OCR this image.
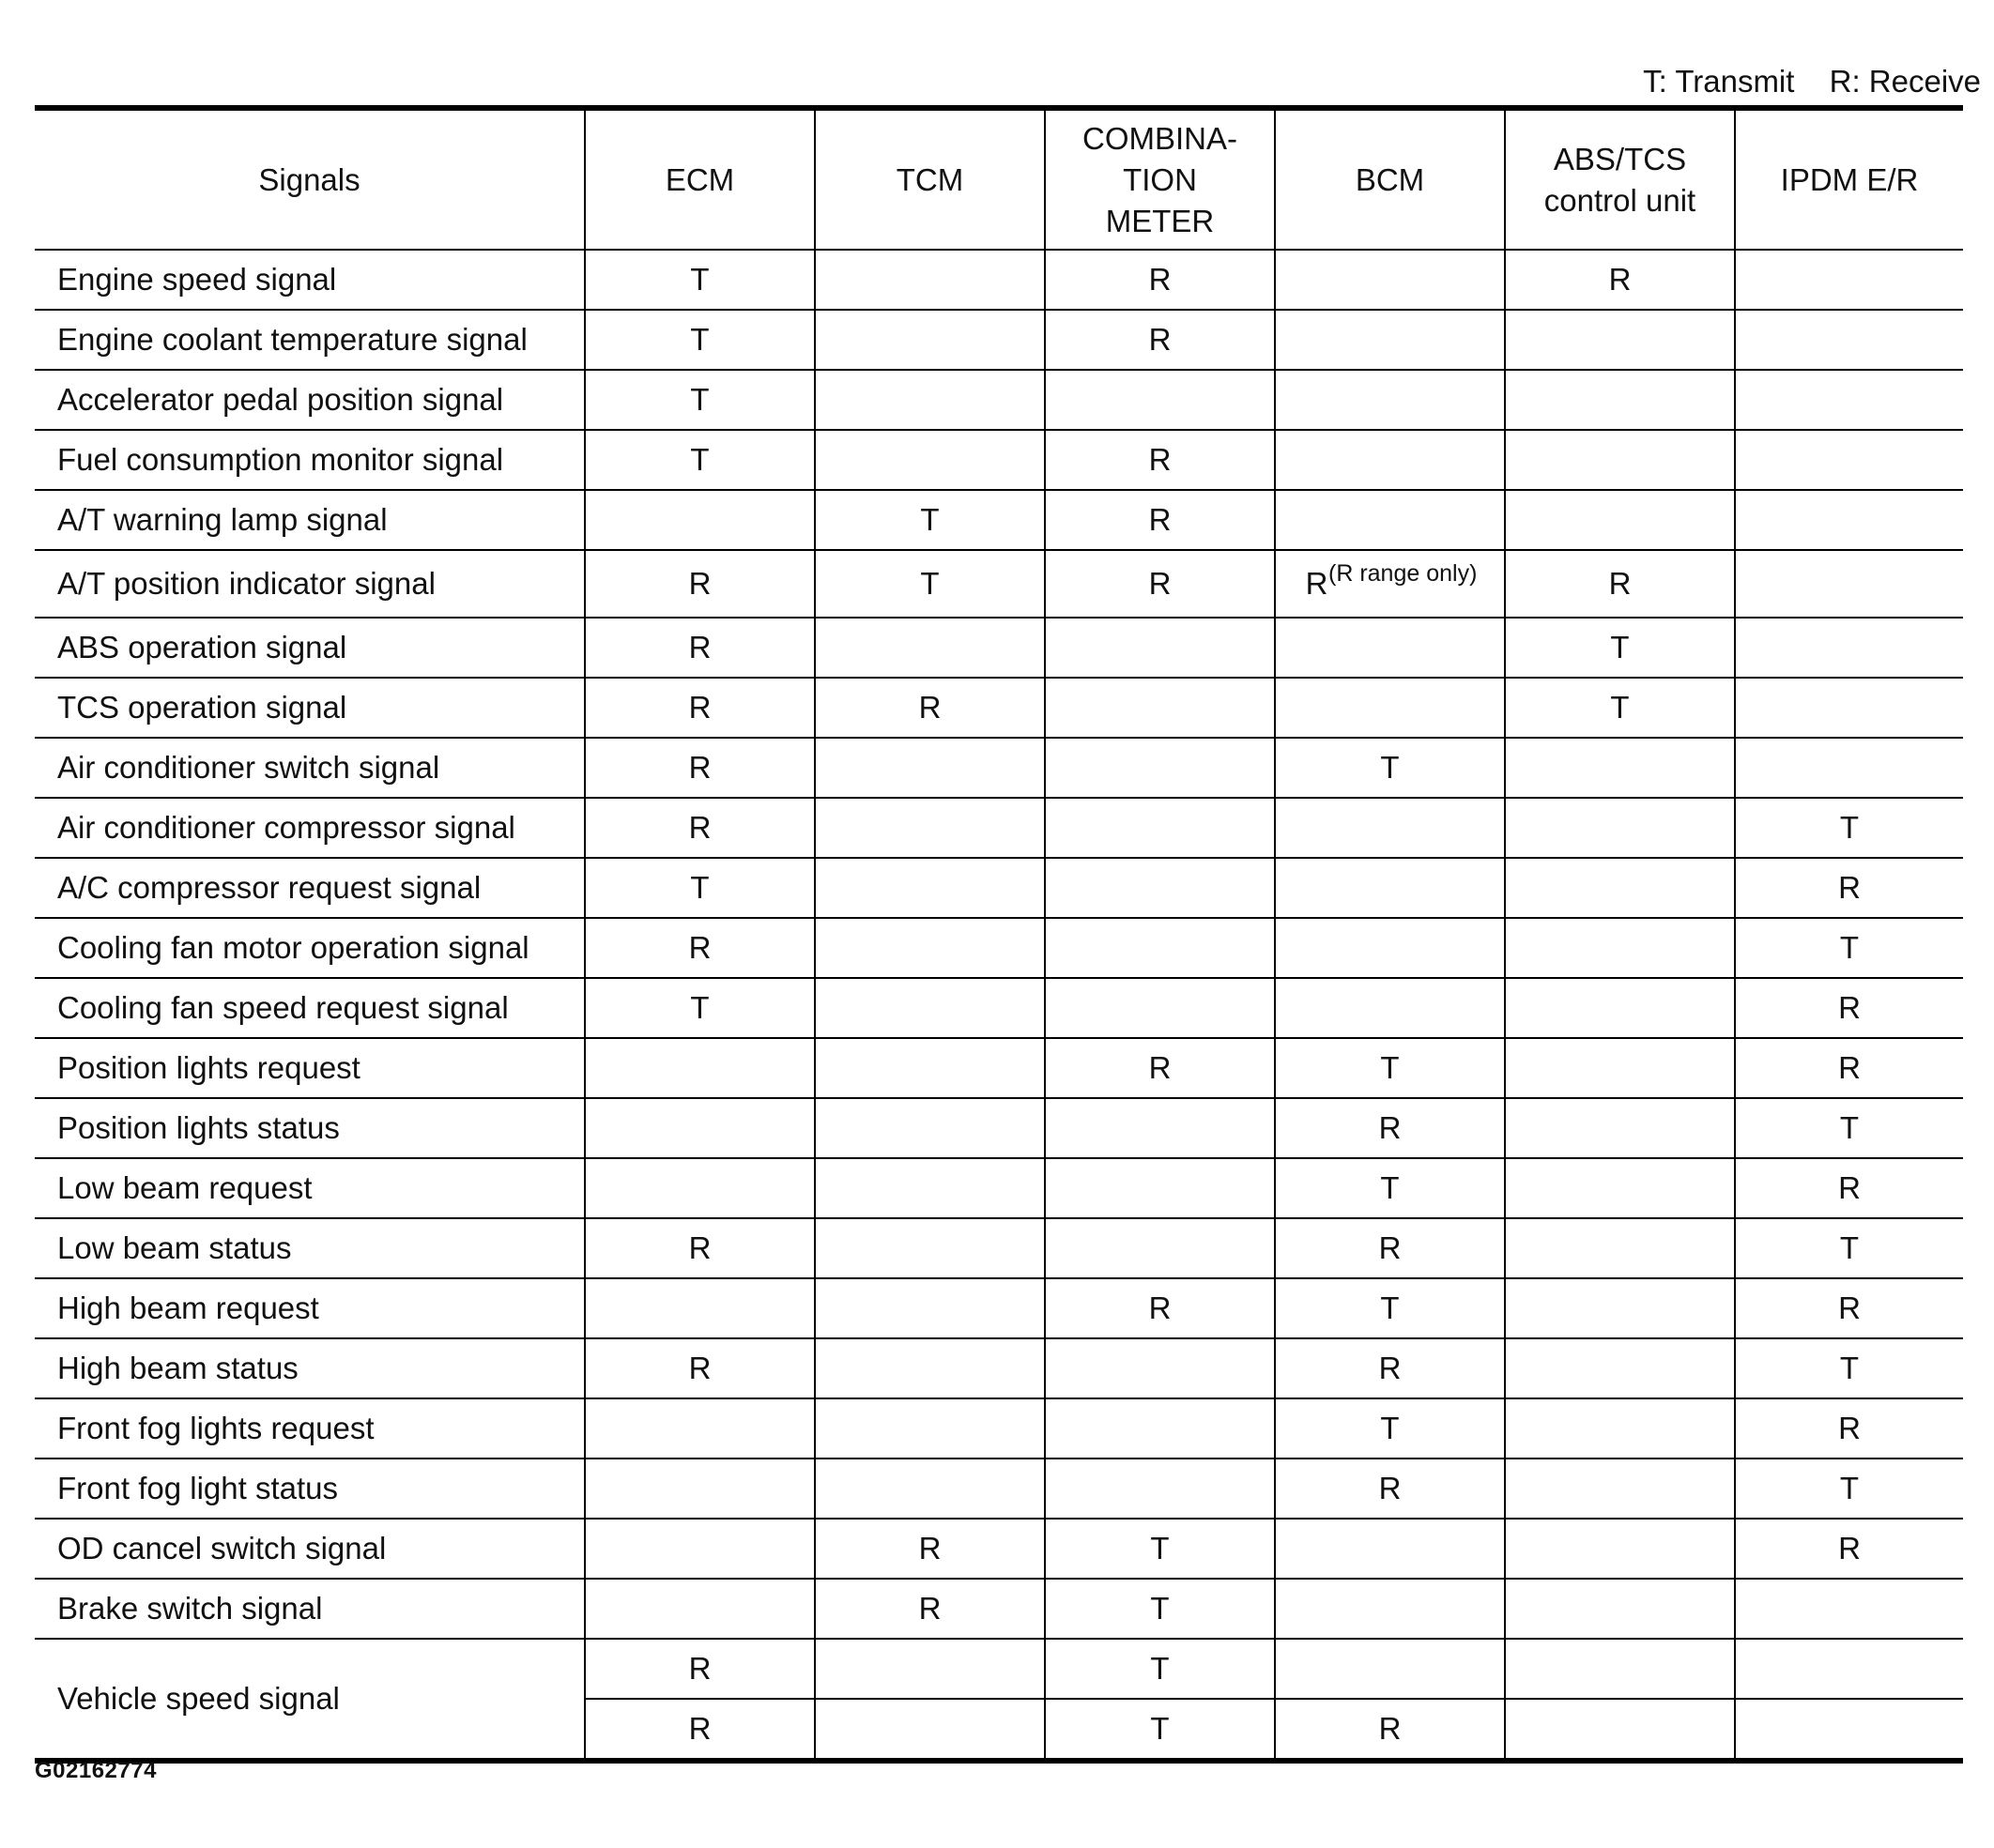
T: Transmit R: Receive
Signals	ECM	TCM	COMBINA-
TION
METER	BCM	ABS/TCS
control unit	IPDM E/R

Engine speed signal	T		R		R	
Engine coolant temperature signal	T		R			
Accelerator pedal position signal	T					
Fuel consumption monitor signal	T		R			
A/T warning lamp signal		T	R			
A/T position indicator signal	R	T	R	R (R range only)	R	
ABS operation signal	R				T	
TCS operation signal	R	R			T	
Air conditioner switch signal	R			T		
Air conditioner compressor signal	R					T
A/C compressor request signal	T					R
Cooling fan motor operation signal	R					T
Cooling fan speed request signal	T					R
Position lights request			R	T		R
Position lights status				R		T
Low beam request				T		R
Low beam status	R			R		T
High beam request			R	T		R
High beam status	R			R		T
Front fog lights request				T		R
Front fog light status				R		T
OD cancel switch signal		R	T			R
Brake switch signal		R	T			
Vehicle speed signal	R		T			
	R		T	R		
G02162774
